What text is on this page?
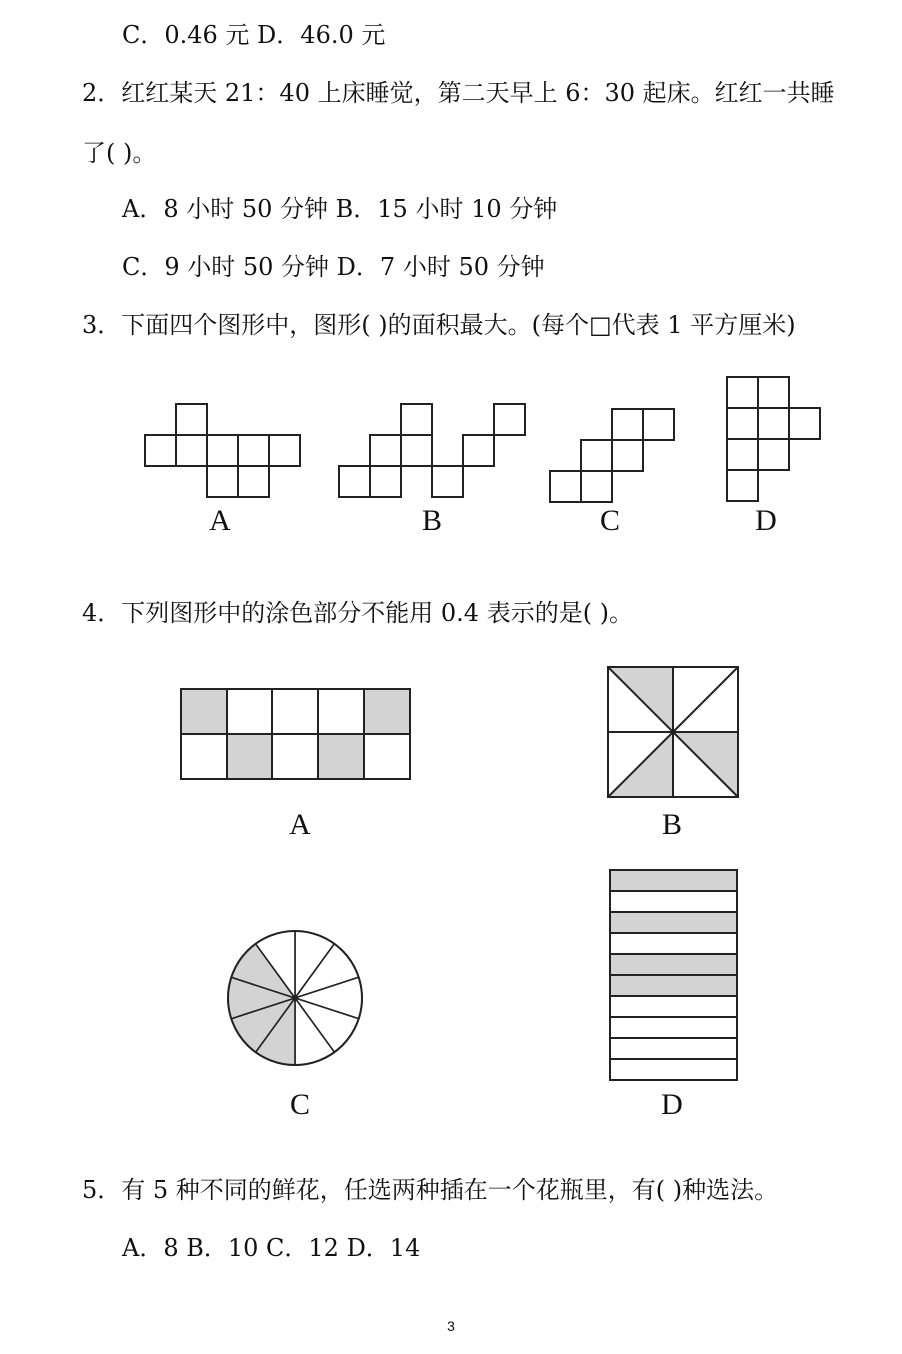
C．0.46 元 D．46.0 元
2．红红某天 21：40 上床睡觉，第二天早上 6：30 起床。红红一共睡
了( )。
A．8 小时 50 分钟 B．15 小时 10 分钟
C．9 小时 50 分钟 D．7 小时 50 分钟
3．下面四个图形中，图形( )的面积最大。(每个□代表 1 平方厘米)
A	B	C	D
4．下列图形中的涂色部分不能用 0.4 表示的是( )。
A	B
C	D
5．有 5 种不同的鲜花，任选两种插在一个花瓶里，有( )种选法。
A．8 B．10 C．12 D．14
3
